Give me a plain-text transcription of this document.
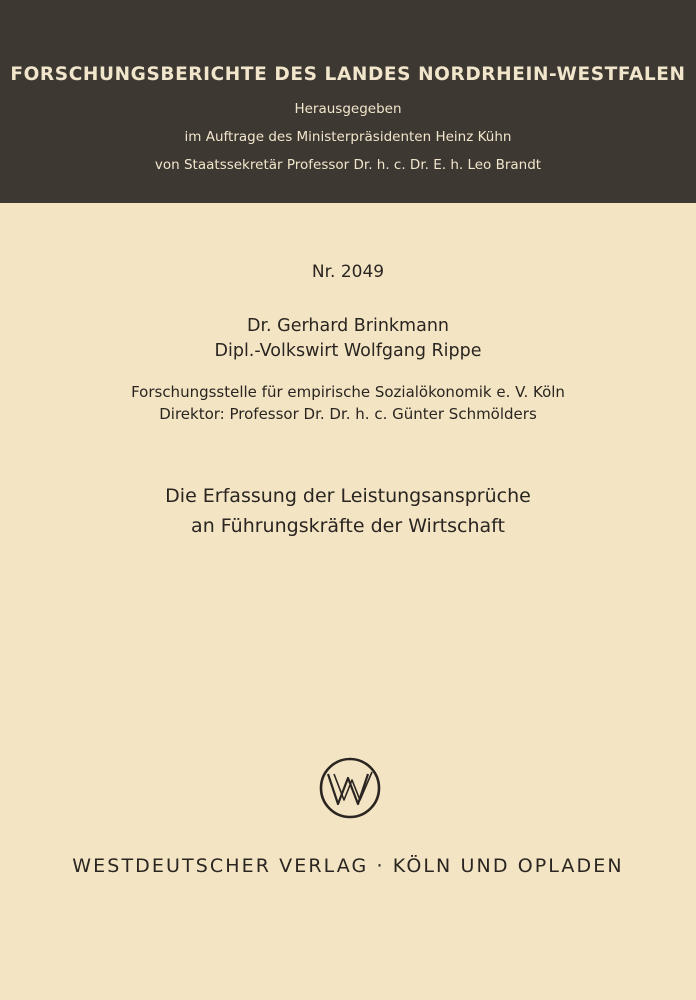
FORSCHUNGSBERICHTE DES LANDES NORDRHEIN-WESTFALEN
Herausgegeben
im Auftrage des Ministerpräsidenten Heinz Kühn
von Staatssekretär Professor Dr. h. c. Dr. E. h. Leo Brandt
Nr. 2049
Dr. Gerhard Brinkmann
Dipl.-Volkswirt Wolfgang Rippe
Forschungsstelle für empirische Sozialökonomik e. V. Köln
Direktor: Professor Dr. Dr. h. c. Günter Schmölders
Die Erfassung der Leistungsansprüche
an Führungskräfte der Wirtschaft
WESTDEUTSCHER VERLAG · KÖLN UND OPLADEN
